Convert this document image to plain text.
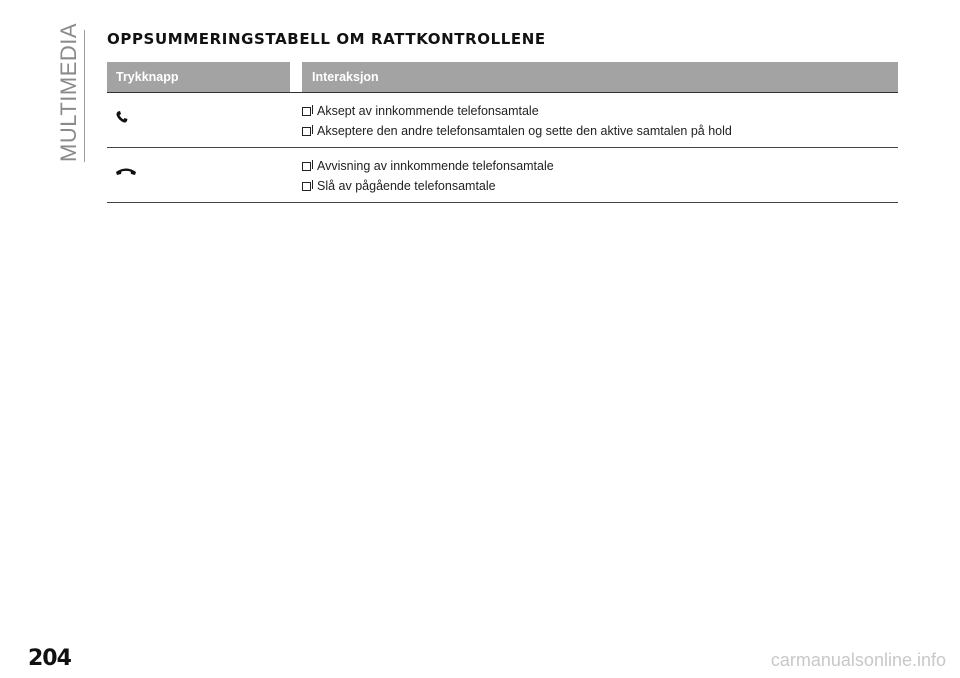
MULTIMEDIA OPPSUMMERINGSTABELL OM RATTKONTROLLENE
Trykknapp	Interaksjon
Aksept av innkommende telefonsamtale
Akseptere den andre telefonsamtalen og sette den aktive samtalen på hold
Avvisning av innkommende telefonsamtale
Slå av pågående telefonsamtale
204	carmanualsonline.info
